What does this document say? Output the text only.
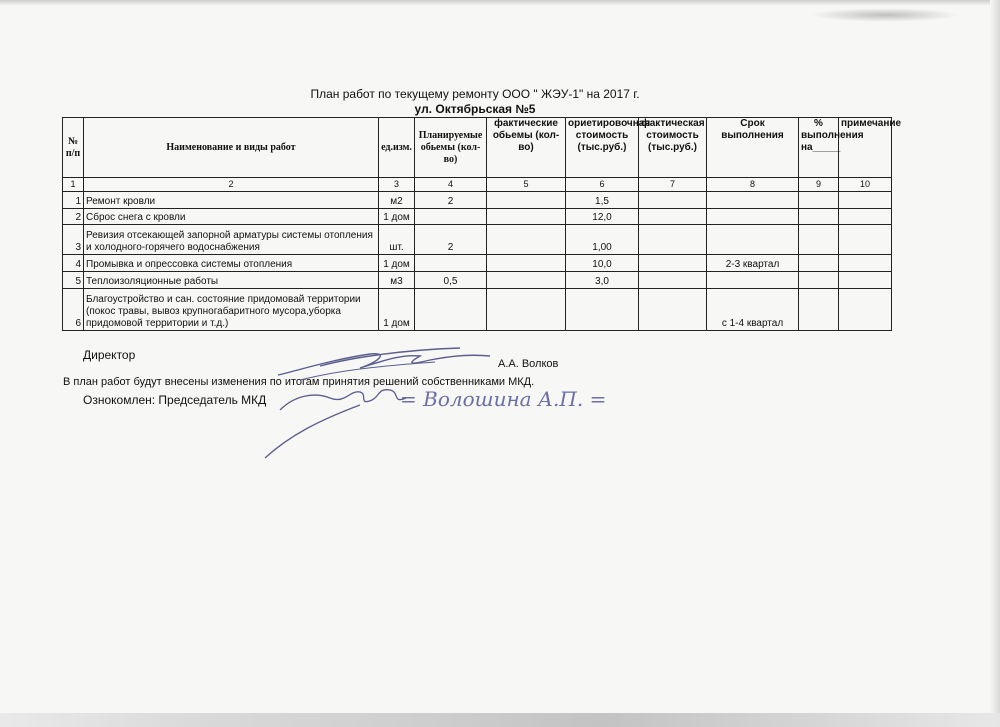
План работ по текущему ремонту ООО " ЖЭУ-1" на 2017 г.
ул. Октябрьская №5
№ п/п	Наименование и виды работ	ед.изм.	Планируемые обьемы (кол-во)	фактические обьемы (кол-во)	ориетировочная стоимость (тыс.руб.)	фактическая стоимость (тыс.руб.)	Срок выполнения	% выполнения на_____	примечание
1	2	3	4	5	6	7	8	9	10
1	Ремонт кровли	м2	2		1,5				
2	Сброс снега с кровли	1 дом			12,0				
3	Ревизия отсекающей запорной арматуры системы отопления и холодного-горячего водоснабжения	шт.	2		1,00				
4	Промывка и опрессовка системы отопления	1 дом			10,0		2-3 квартал		
5	Теплоизоляционные работы	м3	0,5		3,0				
6	Благоустройство и сан. состояние придомовай территории (покос травы, вывоз крупногабаритного мусора,уборка придомовой территории и т.д.)	1 дом					с 1-4 квартал		
Директор
А.А. Волков
В план работ будут внесены изменения по итогам принятия решений собственниками МКД.
Ознокомлен: Председатель МКД	= Волошина А.П. =
